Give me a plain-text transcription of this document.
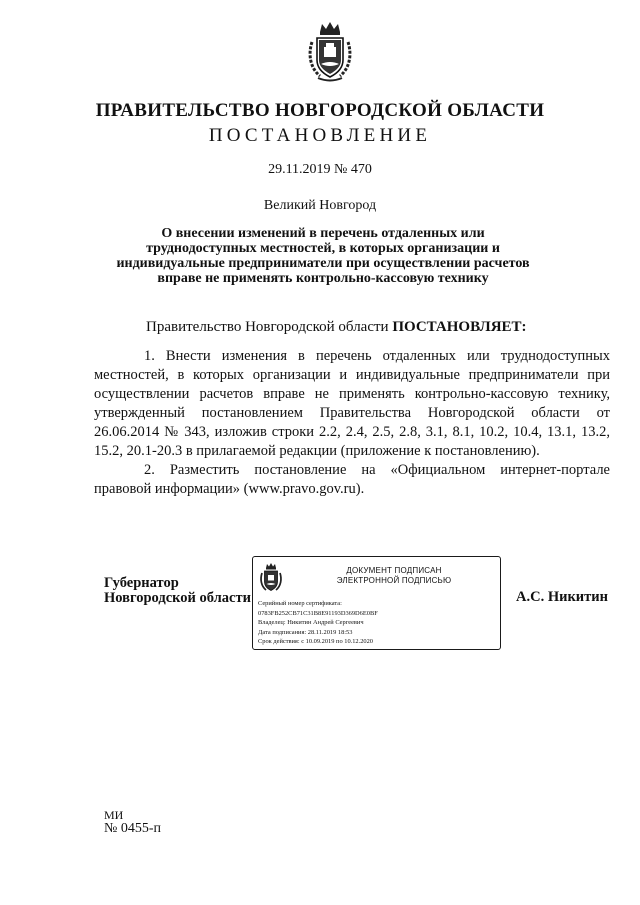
ПРАВИТЕЛЬСТВО НОВГОРОДСКОЙ ОБЛАСТИ
ПОСТАНОВЛЕНИЕ
29.11.2019 № 470
Великий Новгород
О внесении изменений в перечень отдаленных или труднодоступных местностей, в которых организации и индивидуальные предприниматели при осуществлении расчетов вправе не применять контрольно-кассовую технику
Правительство Новгородской области ПОСТАНОВЛЯЕТ:

1. Внести изменения в перечень отдаленных или труднодоступных местностей, в которых организации и индивидуальные предприниматели при осуществлении расчетов вправе не применять контрольно-кассовую технику, утвержденный постановлением Правительства Новгородской области от 26.06.2014 № 343, изложив строки 2.2, 2.4, 2.5, 2.8, 3.1, 8.1, 10.2, 10.4, 13.1, 13.2, 15.2, 20.1-20.3 в прилагаемой редакции (приложение к постановлению).

2. Разместить постановление на «Официальном интернет-портале правовой информации» (www.pravo.gov.ru).

Губернатор
Новгородской области
ДОКУМЕНТ ПОДПИСАН
ЭЛЕКТРОННОЙ ПОДПИСЬЮ
Серийный номер сертификата:
0783FB252CB71C31B8E91193D369D6E0BF
Владелец: Никитин Андрей Сергеевич
Дата подписания: 28.11.2019 18:53
Срок действия: с 10.09.2019 по 10.12.2020
А.С. Никитин
МИ
№ 0455-п
